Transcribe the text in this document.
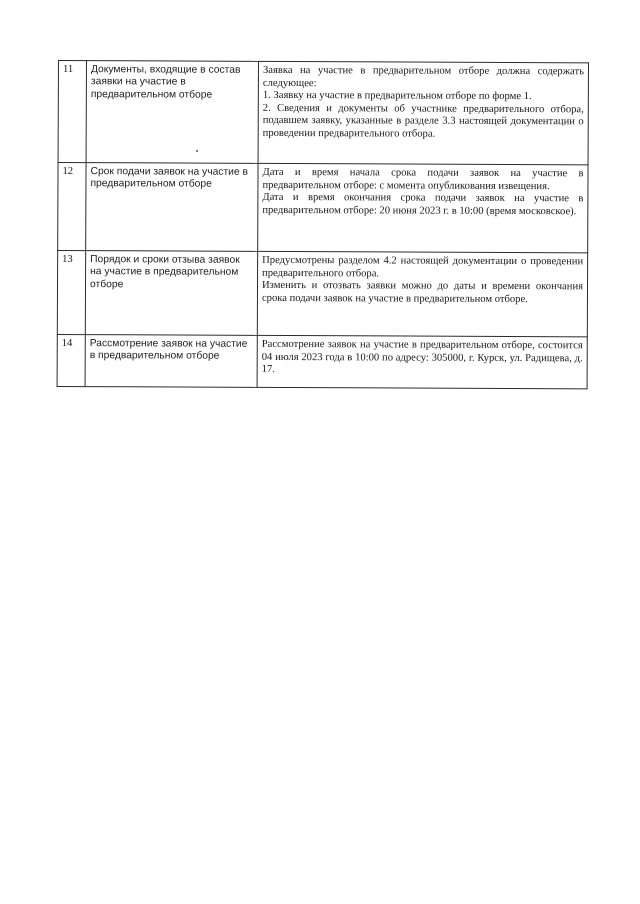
11	Документы, входящие в состав заявки на участие в предварительном отборе	Заявка на участие в предварительном отборе должна содержать следующее:

1. Заявку на участие в предварительном отборе по форме 1.

2. Сведения и документы об участнике предварительного отбора, подавшем заявку, указанные в разделе 3.3 настоящей документации о проведении предварительного отбора.

12	Срок подачи заявок на участие в предварительном отборе	Дата и время начала срока подачи заявок на участие в предварительном отборе: с момента опубликования извещения.

Дата и время окончания срока подачи заявок на участие в предварительном отборе: 20 июня 2023 г. в 10:00 (время московское).

13	Порядок и сроки отзыва заявок на участие в предварительном отборе	Предусмотрены разделом 4.2 настоящей документации о проведении предварительного отбора.

Изменить и отозвать заявки можно до даты и времени окончания срока подачи заявок на участие в предварительном отборе.

14	Рассмотрение заявок на участие в предварительном отборе	Рассмотрение заявок на участие в предварительном отборе, состоится 04 июля 2023 года в 10:00 по адресу: 305000, г. Курск, ул. Радищева, д. 17.
